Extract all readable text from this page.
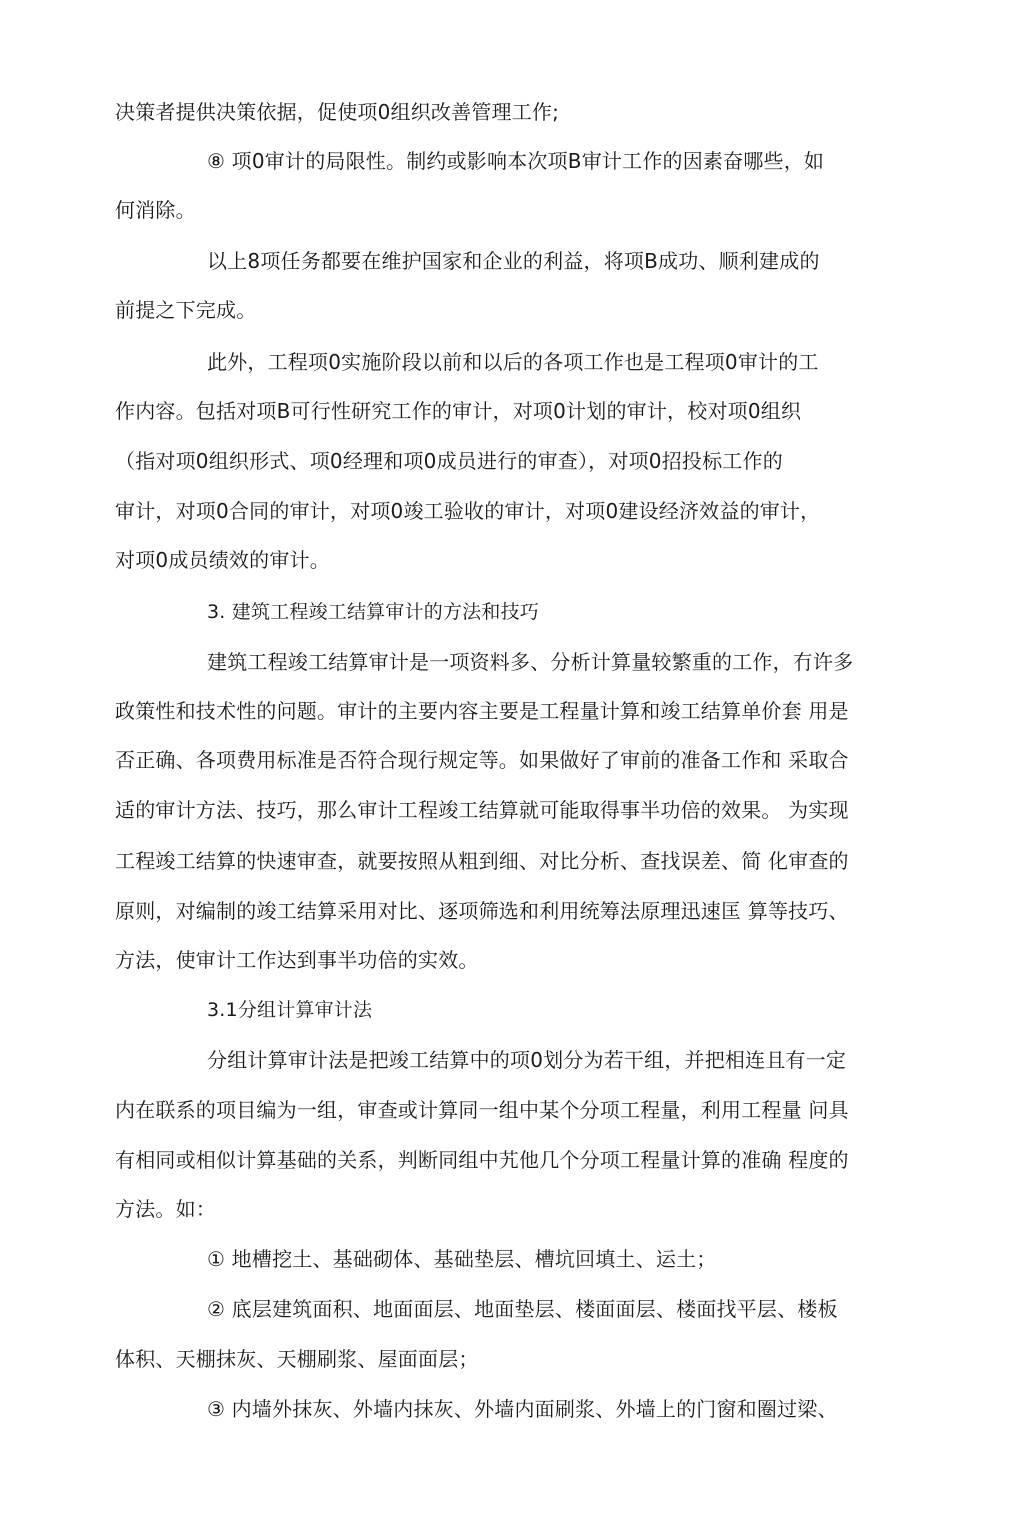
决策者提供决策依据，促使项0组织改善管理工作;
⑧ 项0审计的局限性。制约或影响本次项B审计工作的因素奋哪些，如
何消除。
以上8项任务都要在维护国家和企业的利益，将项B成功、顺利建成的
前提之下完成。
此外，工程项0实施阶段以前和以后的各项工作也是工程项0审计的工
作内容。包括对项B可行性研究工作的审计，对项0计划的审计，校对项0组织
（指对项0组织形式、项0经理和项0成员进行的审查），对项0招投标工作的
审计，对项0合同的审计，对项0竣工验收的审计，对项0建设经济效益的审计，
对项0成员绩效的审计。
3. 建筑工程竣工结算审计的方法和技巧
建筑工程竣工结算审计是一项资料多、分析计算量较繁重的工作，冇许多
政策性和技术性的问题。审计的主要内容主要是工程量计算和竣工结算单价套 用是
否正确、各项费用标准是否符合现行规定等。如果做好了审前的准备工作和 采取合
适的审计方法、技巧，那么审计工程竣工结算就可能取得事半功倍的效果。 为实现
工程竣工结算的快速审查，就要按照从粗到细、对比分析、查找误差、简 化审查的
原则，对编制的竣工结算采用对比、逐项筛选和利用统筹法原理迅速匡 算等技巧、
方法，使审计工作达到事半功倍的实效。
3.1分组计算审计法
分组计算审计法是把竣工结算中的项0划分为若干组，并把相连且有一定
内在联系的项目编为一组，审查或计算同一组中某个分项工程量，利用工程量 问具
有相同或相似计算基础的关系，判断同组中艽他几个分项工程量计算的准确 程度的
方法。如：
① 地槽挖土、基础砌体、基础垫层、槽坑回填土、运土；
② 底层建筑面积、地面面层、地面垫层、楼面面层、楼面找平层、楼板
体积、天棚抹灰、天棚刷浆、屋面面层；
③ 内墙外抹灰、外墙内抹灰、外墙内面刷浆、外墙上的门窗和圈过梁、
